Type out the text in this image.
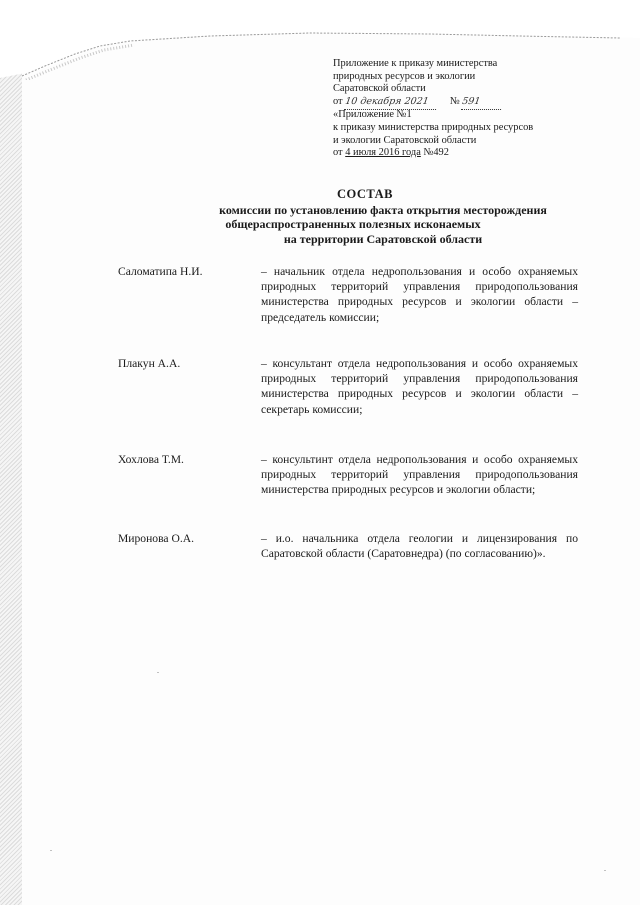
Приложение к приказу министерства
природных ресурсов и экологии
Саратовской области
от 10 декабря 2021 № 591
«Приложение №1
к приказу министерства природных ресурсов
и экологии Саратовской области
от 4 июля 2016 года №492
СОСТАВ
комиссии по установлению факта открытия месторождения
общераспространенных полезных исконаемых
на территории Саратовской области
Саломатипа Н.И.	– начальник отдела недропользования и особо охраняемых природных территорий управления природопользования министерства природных ресурсов и экологии области – председатель комиссии;
Плакун А.А.	– консультант отдела недропользования и особо охраняемых природных территорий управления природопользования министерства природных ресурсов и экологии области – секретарь комиссии;
Хохлова Т.М.	– консультинт отдела недропользования и особо охраняемых природных территорий управления природопользования министерства природных ресурсов и экологии области;
Миронова О.А.	– и.о. начальника отдела геологии и лицензирования по Саратовской области (Саратовнедра) (по согласованию)».
